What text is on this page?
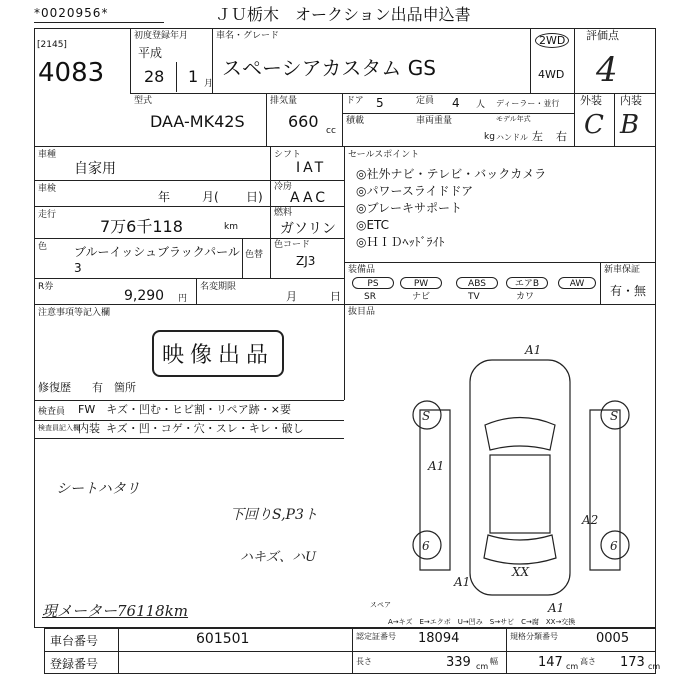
*0020956*	ＪＵ栃木　オークション出品申込書
[2145]
4083
初度登録年月
平成
28 1 月
車名・グレード
スペーシアカスタム GS
2WD
4WD
評価点
4
外装 内装
C B
型式
DAA-MK42S
排気量
660 cc
ドア 5	定員 4 人 ディーラー・並行
積載	車両重量
kg
モデル年式
ハンドル 左 右
車種
自家用
車検
年	月( 日)
走行
7万6千118	km
色 ブルーイッシュブラックパール3
色替
色コード
ZJ3
シフト
IAT
冷房
AAC
燃料
ガソリン
R券
9,290 円
名変期限
月	日
注意事項等記入欄
映像出品
修復歴 有 箇所
セールスポイント
◎社外ナビ・テレビ・バックカメラ
◎パワースライドドア
◎ブレーキサポート
◎ETC
◎ＨＩＤﾍｯﾄﾞﾗｲﾄ
装備品	新車保証
有・無
PS	PW	ABS	エアB	AW
SR	ナビ	TV	カワ
抜目品
検査員 FW　キズ・凹む・ヒビ割・リペア跡・×要
検査員記入欄
内装 キズ・凹・コゲ・穴・スレ・キレ・破し
シートハタリ
下回りS,P3ト
ハキズ、ハU
現メーター76118km
A1
S
A1
A2
6	6
XX
A1
S
A1
スペア
A→キズ　E→エクボ　U→凹み　S→サビ　C→腐　XX→交換
車台番号	601501
登録番号
認定証番号 18094	規格分類番号	0005
長さ	339 cm
幅	147 cm
高さ 173 cm
